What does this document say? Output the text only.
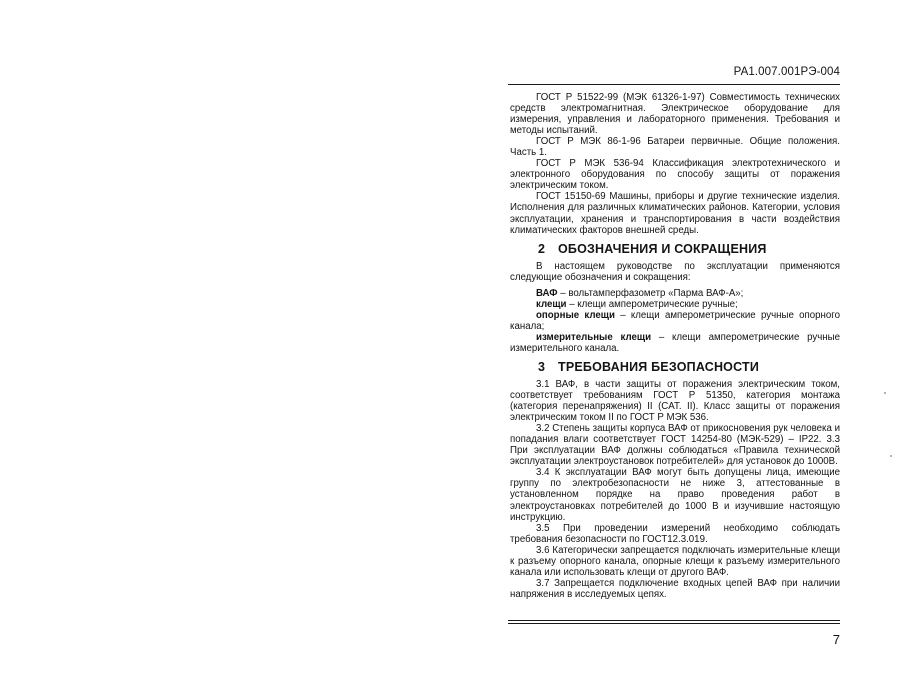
РА1.007.001РЭ-004

ГОСТ Р 51522-99 (МЭК 61326-1-97) Совместимость технических средств электромагнитная. Электрическое оборудование для измерения, управления и лабораторного применения. Требования и методы испытаний.

ГОСТ Р МЭК 86-1-96 Батареи первичные. Общие положения. Часть 1.

ГОСТ Р МЭК 536-94 Классификация электротехнического и электронного оборудования по способу защиты от поражения электрическим током.

ГОСТ 15150-69 Машины, приборы и другие технические изделия. Исполнения для различных климатических районов. Категории, условия эксплуатации, хранения и транспортирования в части воздействия климатических факторов внешней среды.

2 ОБОЗНАЧЕНИЯ И СОКРАЩЕНИЯ

В настоящем руководстве по эксплуатации применяются следующие обозначения и сокращения:

ВАФ – вольтамперфазометр «Парма ВАФ-А»;

клещи – клещи амперометрические ручные;

опорные клещи – клещи амперометрические ручные опорного канала;

измерительные клещи – клещи амперометрические ручные измерительного канала.

3 ТРЕБОВАНИЯ БЕЗОПАСНОСТИ

3.1 ВАФ, в части защиты от поражения электрическим током, соответствует требованиям ГОСТ Р 51350, категория монтажа (категория перенапряжения) II (CAT. II). Класс защиты от поражения электрическим током II по ГОСТ Р МЭК 536.

3.2 Степень защиты корпуса ВАФ от прикосновения рук человека и попадания влаги соответствует ГОСТ 14254-80 (МЭК-529) – IP22. 3.3 При эксплуатации ВАФ должны соблюдаться «Правила технической эксплуатации электроустановок потребителей» для установок до 1000В.

3.4 К эксплуатации ВАФ могут быть допущены лица, имеющие группу по электробезопасности не ниже 3, аттестованные в установленном порядке на право проведения работ в электроустановках потребителей до 1000 В и изучившие настоящую инструкцию.

3.5 При проведении измерений необходимо соблюдать требования безопасности по ГОСТ12.3.019.

3.6 Категорически запрещается подключать измерительные клещи к разъему опорного канала, опорные клещи к разъему измерительного канала или использовать клещи от другого ВАФ.

3.7 Запрещается подключение входных цепей ВАФ при наличии напряжения в исследуемых цепях.

7
